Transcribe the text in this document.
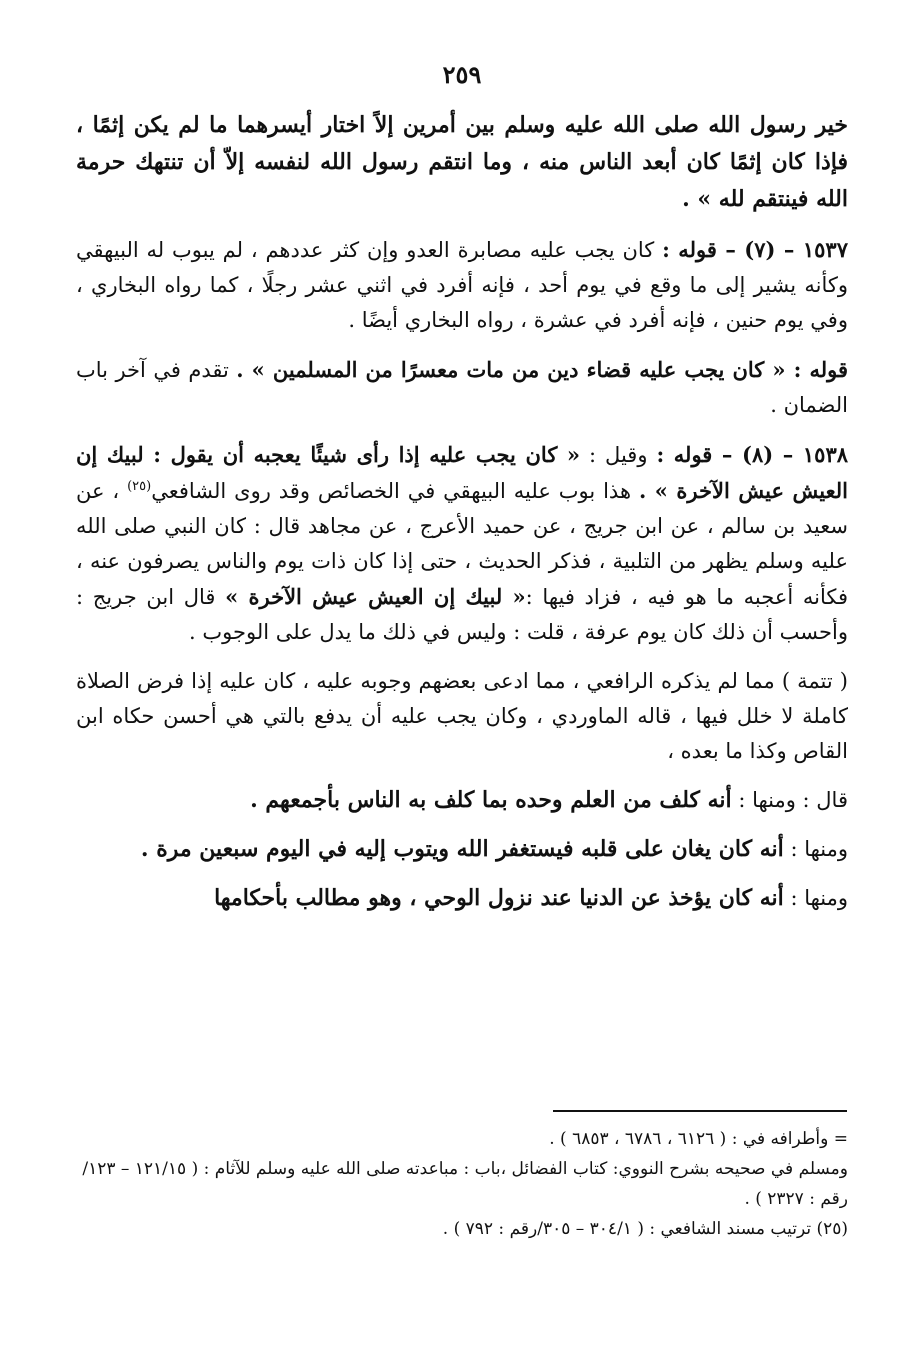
٢٥٩

خير رسول الله صلى الله عليه وسلم بين أمرين إلاً اختار أيسرهما ما لم يكن إثمًا ، فإذا كان إثمًا كان أبعد الناس منه ، وما انتقم رسول الله لنفسه إلاّ أن تنتهك حرمة الله فينتقم لله » .

١٥٣٧ – (٧) – قوله : كان يجب عليه مصابرة العدو وإن كثر عددهم ، لم يبوب له البيهقي وكأنه يشير إلى ما وقع في يوم أحد ، فإنه أفرد في اثني عشر رجلًا ، كما رواه البخاري ، وفي يوم حنين ، فإنه أفرد في عشرة ، رواه البخاري أيضًا .

قوله : « كان يجب عليه قضاء دين من مات معسرًا من المسلمين » . تقدم في آخر باب الضمان .

١٥٣٨ – (٨) – قوله : وقيل : « كان يجب عليه إذا رأى شيئًا يعجبه أن يقول : لبيك إن العيش عيش الآخرة » . هذا بوب عليه البيهقي في الخصائص وقد روى الشافعي$^{(٢٥)}$ ، عن سعيد بن سالم ، عن ابن جريج ، عن حميد الأعرج ، عن مجاهد قال : كان النبي صلى الله عليه وسلم يظهر من التلبية ، فذكر الحديث ، حتى إذا كان ذات يوم والناس يصرفون عنه ، فكأنه أعجبه ما هو فيه ، فزاد فيها :« لبيك إن العيش عيش الآخرة » قال ابن جريج : وأحسب أن ذلك كان يوم عرفة ، قلت : وليس في ذلك ما يدل على الوجوب .

( تتمة ) مما لم يذكره الرافعي ، مما ادعى بعضهم وجوبه عليه ، كان عليه إذا فرض الصلاة كاملة لا خلل فيها ، قاله الماوردي ، وكان يجب عليه أن يدفع بالتي هي أحسن حكاه ابن القاص وكذا ما بعده ،

قال : ومنها : أنه كلف من العلم وحده بما كلف به الناس بأجمعهم .

ومنها : أنه كان يغان على قلبه فيستغفر الله ويتوب إليه في اليوم سبعين مرة .

ومنها : أنه كان يؤخذ عن الدنيا عند نزول الوحي ، وهو مطالب بأحكامها

= وأطرافه في : ( ٦١٢٦ ، ٦٧٨٦ ، ٦٨٥٣ ) .

ومسلم في صحيحه بشرح النووي: كتاب الفضائل ،باب : مباعدته صلى الله عليه وسلم للآثام : ( ١٢١/١٥ – ١٢٣/رقم : ٢٣٢٧ ) .

(٢٥) ترتيب مسند الشافعي : ( ٣٠٤/١ – ٣٠٥/رقم : ٧٩٢ ) .
